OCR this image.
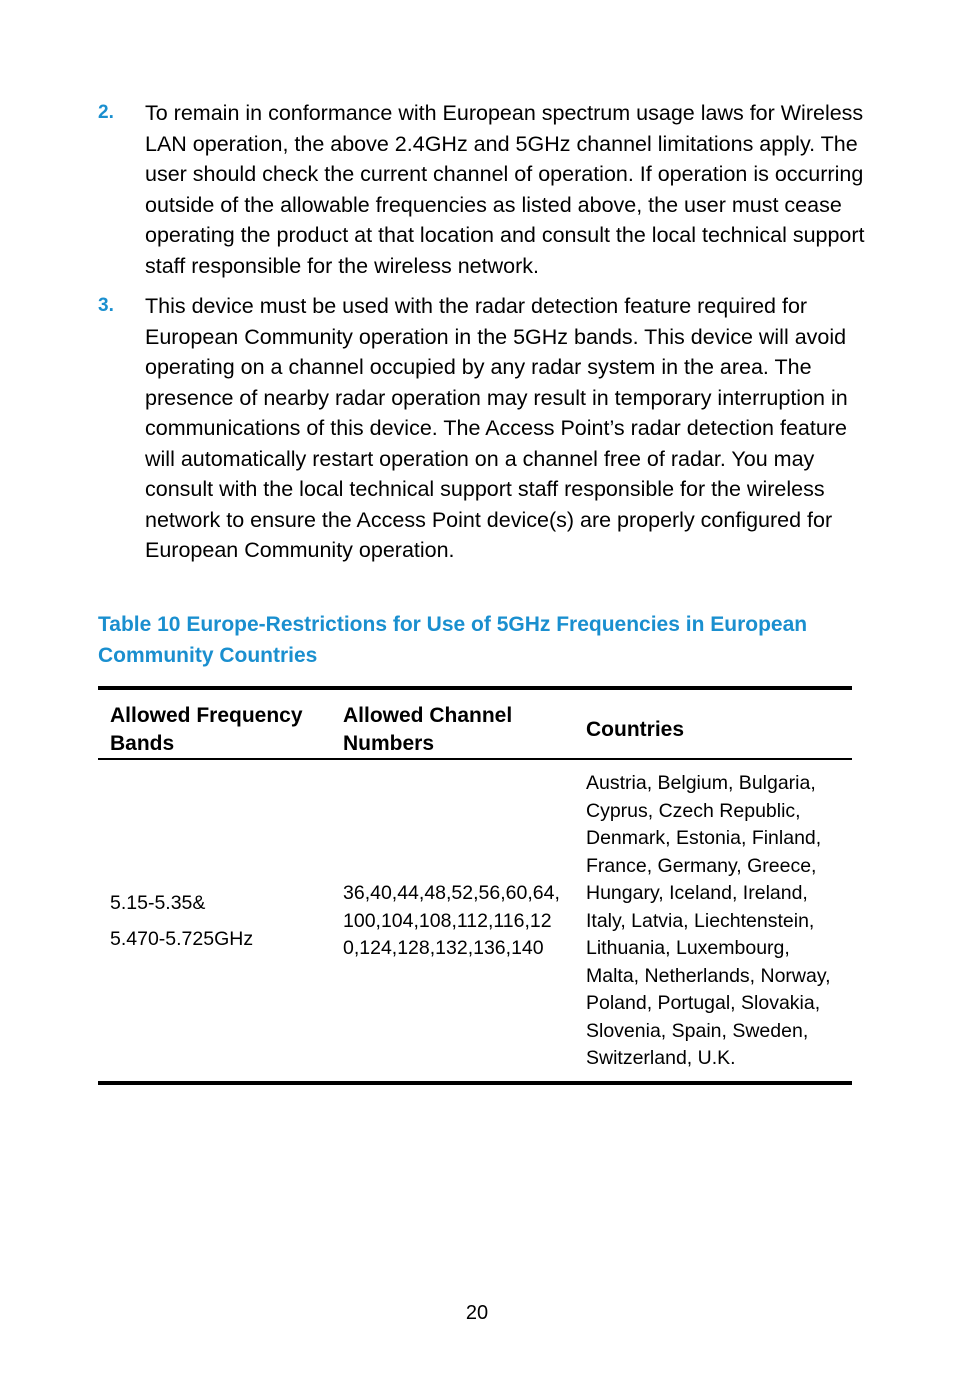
2.	To remain in conformance with European spectrum usage laws for Wireless LAN operation, the above 2.4GHz and 5GHz channel limitations apply. The user should check the current channel of operation. If operation is occurring outside of the allowable frequencies as listed above, the user must cease operating the product at that location and consult the local technical support staff responsible for the wireless network.
3.	This device must be used with the radar detection feature required for European Community operation in the 5GHz bands. This device will avoid operating on a channel occupied by any radar system in the area. The presence of nearby radar operation may result in temporary interruption in communications of this device. The Access Point’s radar detection feature will automatically restart operation on a channel free of radar. You may consult with the local technical support staff responsible for the wireless network to ensure the Access Point device(s) are properly configured for European Community operation.
Table 10 Europe-Restrictions for Use of 5GHz Frequencies in European Community Countries
Allowed Frequency Bands	Allowed Channel Numbers	Countries

5.15-5.35&
5.470-5.725GHz	36,40,44,48,52,56,60,64,100,104,108,112,116,120,124,128,132,136,140	Austria, Belgium, Bulgaria, Cyprus, Czech Republic, Denmark, Estonia, Finland, France, Germany, Greece, Hungary, Iceland, Ireland, Italy, Latvia, Liechtenstein, Lithuania, Luxembourg, Malta, Netherlands, Norway, Poland, Portugal, Slovakia, Slovenia, Spain, Sweden, Switzerland, U.K.
20
